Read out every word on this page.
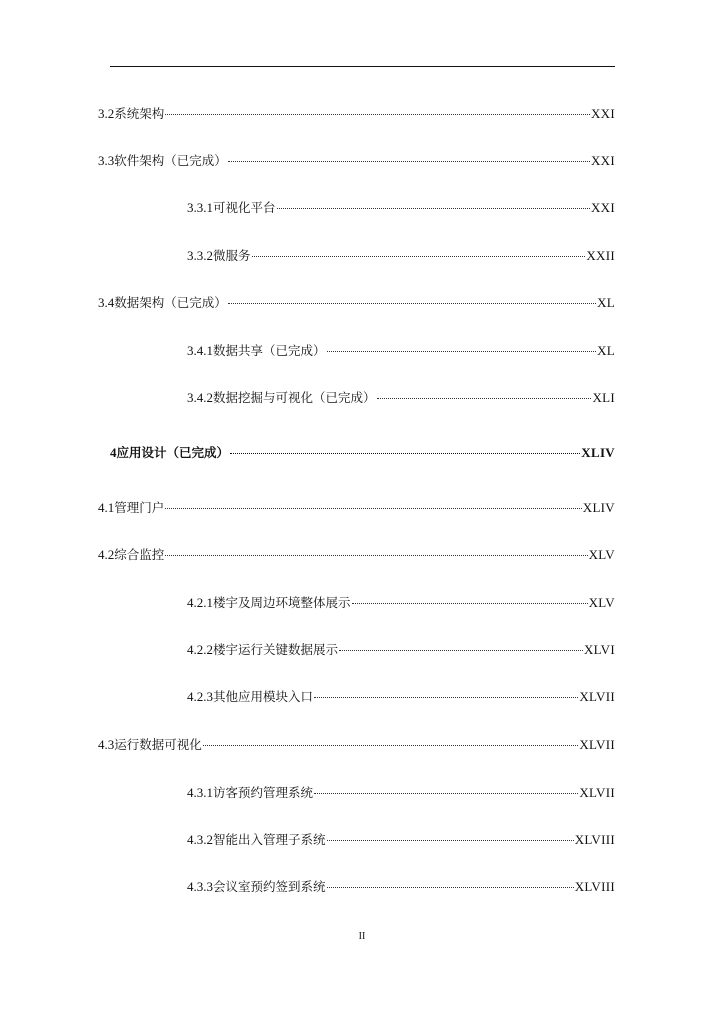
3.2 系统架构	XXI
3.3 软件架构（已完成）	XXI
3.3.1 可视化平台	XXI
3.3.2 微服务	XXII
3.4 数据架构（已完成）	XL
3.4.1 数据共享（已完成）	XL
3.4.2 数据挖掘与可视化（已完成）	XLI
4 应用设计（已完成）	XLIV
4.1 管理门户	XLIV
4.2 综合监控	XLV
4.2.1 楼宇及周边环境整体展示	XLV
4.2.2 楼宇运行关键数据展示	XLVI
4.2.3 其他应用模块入口	XLVII
4.3 运行数据可视化	XLVII
4.3.1 访客预约管理系统	XLVII
4.3.2 智能出入管理子系统	XLVIII
4.3.3 会议室预约签到系统	XLVIII
II
